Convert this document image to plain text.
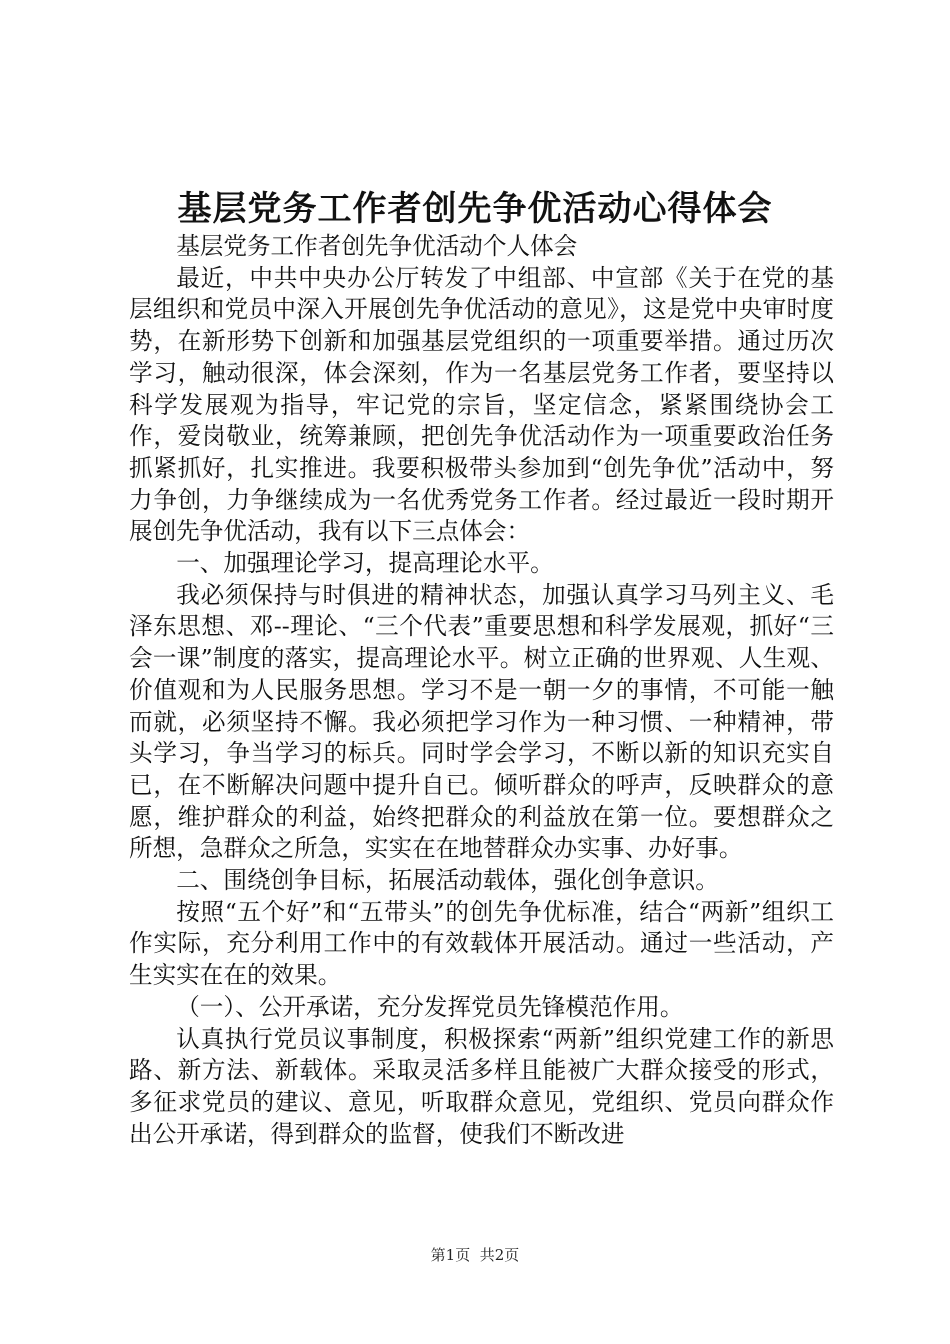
基层党务工作者创先争优活动心得体会

基层党务工作者创先争优活动个人体会

最近，中共中央办公厅转发了中组部、中宣部《关于在党的基层组织和党员中深入开展创先争优活动的意见》，这是党中央审时度势，在新形势下创新和加强基层党组织的一项重要举措。通过历次学习，触动很深，体会深刻，作为一名基层党务工作者，要坚持以科学发展观为指导，牢记党的宗旨，坚定信念，紧紧围绕协会工作，爱岗敬业，统筹兼顾，把创先争优活动作为一项重要政治任务抓紧抓好，扎实推进。我要积极带头参加到“创先争优”活动中，努力争创，力争继续成为一名优秀党务工作者。经过最近一段时期开展创先争优活动，我有以下三点体会：

一、加强理论学习，提高理论水平。

我必须保持与时俱进的精神状态，加强认真学习马列主义、毛泽东思想、邓--理论、“三个代表”重要思想和科学发展观，抓好“三会一课”制度的落实，提高理论水平。树立正确的世界观、人生观、价值观和为人民服务思想。学习不是一朝一夕的事情，不可能一触而就，必须坚持不懈。我必须把学习作为一种习惯、一种精神，带头学习，争当学习的标兵。同时学会学习，不断以新的知识充实自已，在不断解决问题中提升自已。倾听群众的呼声，反映群众的意愿，维护群众的利益，始终把群众的利益放在第一位。要想群众之所想，急群众之所急，实实在在地替群众办实事、办好事。

二、围绕创争目标，拓展活动载体，强化创争意识。

按照“五个好”和“五带头”的创先争优标准，结合“两新”组织工作实际，充分利用工作中的有效载体开展活动。通过一些活动，产生实实在在的效果。

（一）、公开承诺，充分发挥党员先锋模范作用。

认真执行党员议事制度，积极探索“两新”组织党建工作的新思路、新方法、新载体。采取灵活多样且能被广大群众接受的形式，多征求党员的建议、意见，听取群众意见，党组织、党员向群众作出公开承诺，得到群众的监督，使我们不断改进

第1页 共2页
